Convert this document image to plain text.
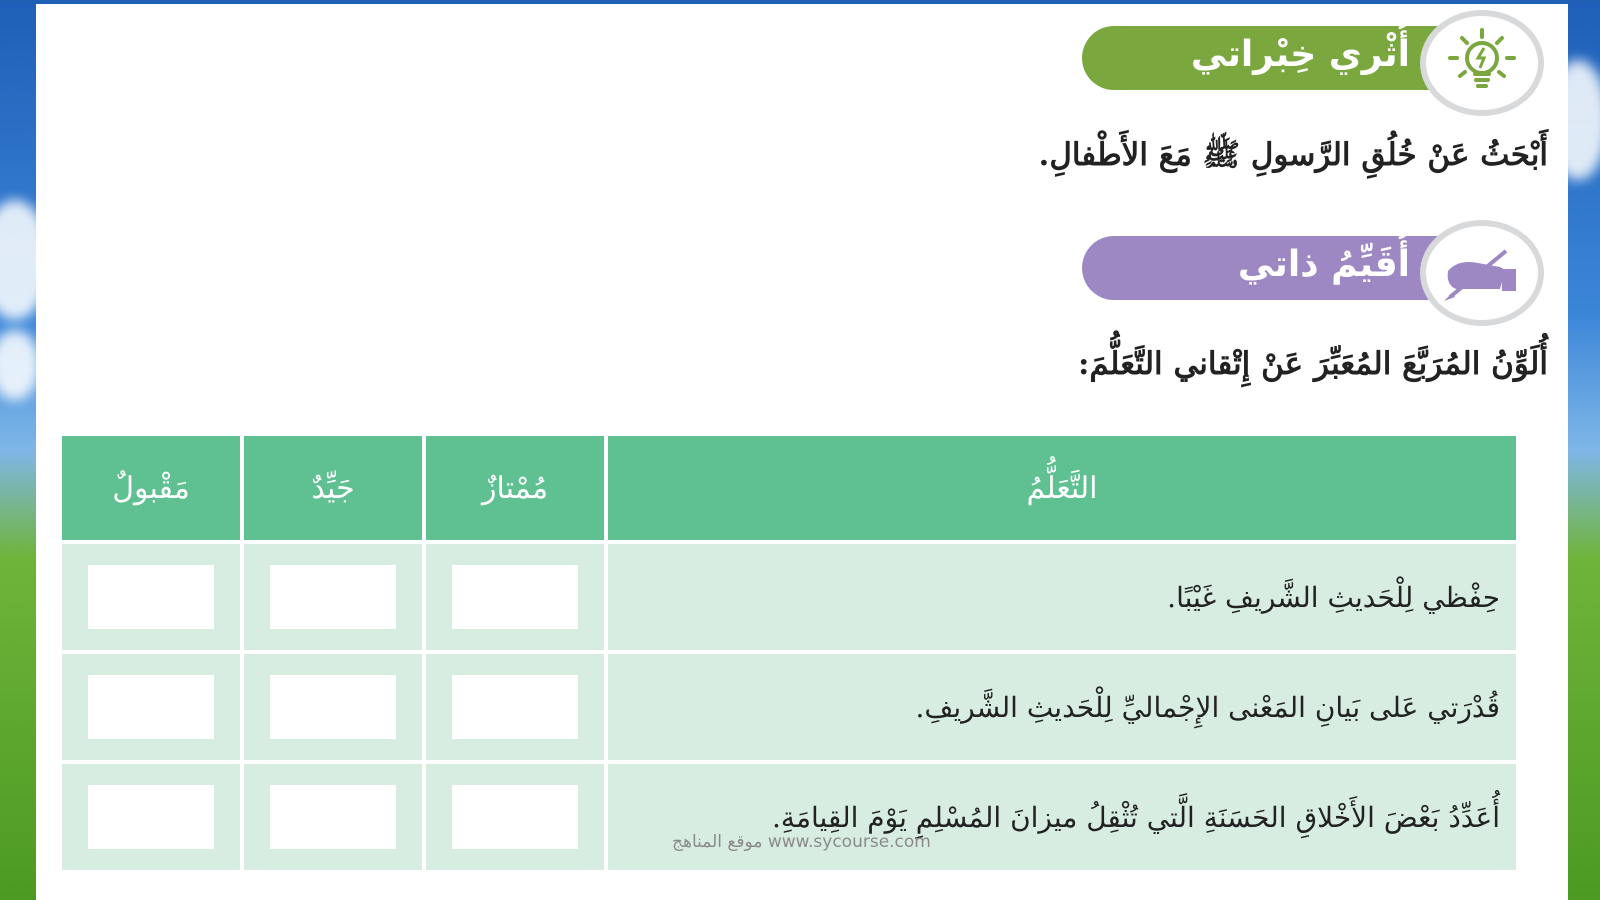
أُثْري خِبْراتي
أَبْحَثُ عَنْ خُلُقِ الرَّسولِ ﷺ مَعَ الأَطْفالِ.
أُقَيِّمُ ذاتي
أُلَوِّنُ المُرَبَّعَ المُعَبِّرَ عَنْ إِتْقاني التَّعَلُّمَ:
التَّعَلُّمُ	مُمْتازٌ	جَيِّدٌ	مَقْبولٌ
حِفْظي لِلْحَديثِ الشَّريفِ غَيْبًا.	

قُدْرَتي عَلى بَيانِ المَعْنى الإِجْماليِّ لِلْحَديثِ الشَّريفِ.	

أُعَدِّدُ بَعْضَ الأَخْلاقِ الحَسَنَةِ الَّتي تُثْقِلُ ميزانَ المُسْلِمِ يَوْمَ القِيامَةِ.	

موقع المناهج www.sycourse.com
